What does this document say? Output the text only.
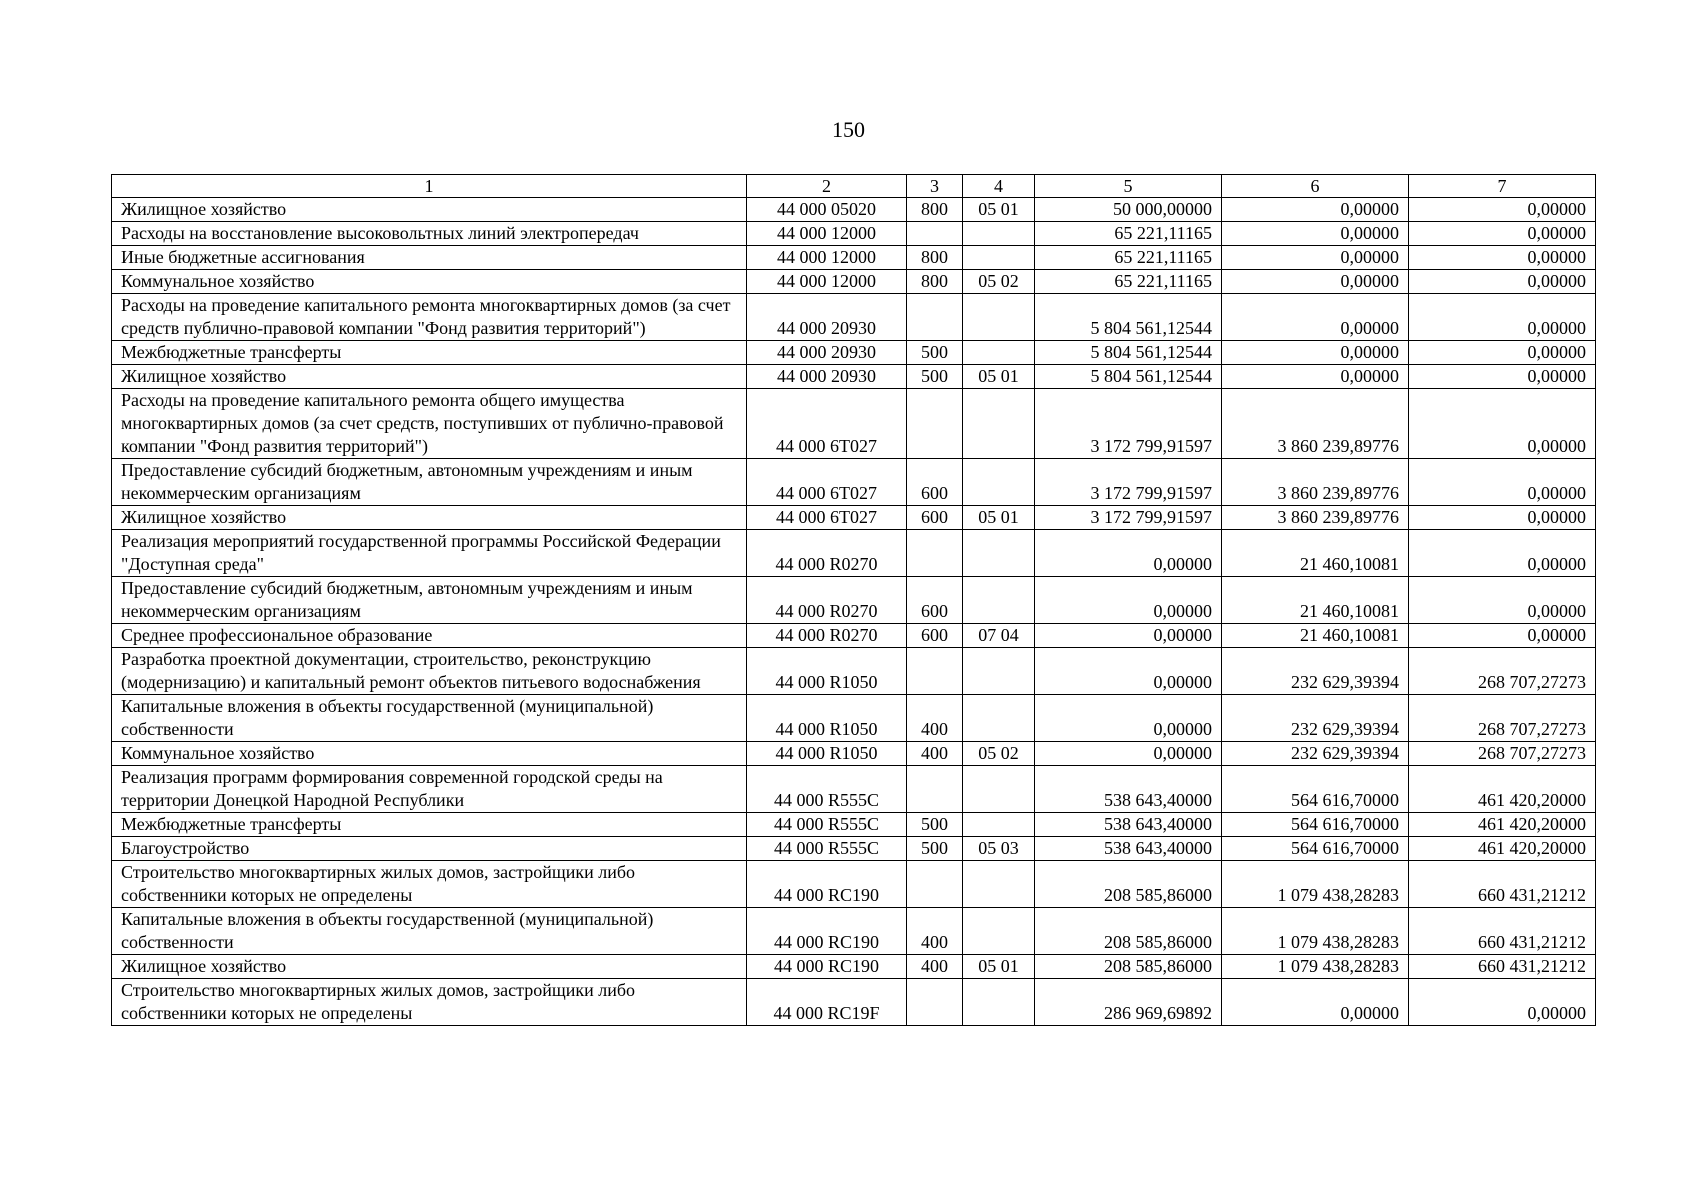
150
1	2	3	4	5	6	7
Жилищное хозяйство	44 000 05020	800	05 01	50 000,00000	0,00000	0,00000
Расходы на восстановление высоковольтных линий электропередач	44 000 12000			65 221,11165	0,00000	0,00000
Иные бюджетные ассигнования	44 000 12000	800		65 221,11165	0,00000	0,00000
Коммунальное хозяйство	44 000 12000	800	05 02	65 221,11165	0,00000	0,00000
Расходы на проведение капитального ремонта многоквартирных домов (за счет средств публично-правовой компании "Фонд развития территорий")	44 000 20930			5 804 561,12544	0,00000	0,00000
Межбюджетные трансферты	44 000 20930	500		5 804 561,12544	0,00000	0,00000
Жилищное хозяйство	44 000 20930	500	05 01	5 804 561,12544	0,00000	0,00000
Расходы на проведение капитального ремонта общего имущества многоквартирных домов (за счет средств, поступивших от публично-правовой компании "Фонд развития территорий")	44 000 6Т027			3 172 799,91597	3 860 239,89776	0,00000
Предоставление субсидий бюджетным, автономным учреждениям и иным некоммерческим организациям	44 000 6Т027	600		3 172 799,91597	3 860 239,89776	0,00000
Жилищное хозяйство	44 000 6Т027	600	05 01	3 172 799,91597	3 860 239,89776	0,00000
Реализация мероприятий государственной программы Российской Федерации "Доступная среда"	44 000 R0270			0,00000	21 460,10081	0,00000
Предоставление субсидий бюджетным, автономным учреждениям и иным некоммерческим организациям	44 000 R0270	600		0,00000	21 460,10081	0,00000
Среднее профессиональное образование	44 000 R0270	600	07 04	0,00000	21 460,10081	0,00000
Разработка проектной документации, строительство, реконструкцию (модернизацию) и капитальный ремонт объектов питьевого водоснабжения	44 000 R1050			0,00000	232 629,39394	268 707,27273
Капитальные вложения в объекты государственной (муниципальной) собственности	44 000 R1050	400		0,00000	232 629,39394	268 707,27273
Коммунальное хозяйство	44 000 R1050	400	05 02	0,00000	232 629,39394	268 707,27273
Реализация программ формирования современной городской среды на территории Донецкой Народной Республики	44 000 R555C			538 643,40000	564 616,70000	461 420,20000
Межбюджетные трансферты	44 000 R555C	500		538 643,40000	564 616,70000	461 420,20000
Благоустройство	44 000 R555C	500	05 03	538 643,40000	564 616,70000	461 420,20000
Строительство многоквартирных жилых домов, застройщики либо собственники которых не определены	44 000 RC190			208 585,86000	1 079 438,28283	660 431,21212
Капитальные вложения в объекты государственной (муниципальной) собственности	44 000 RC190	400		208 585,86000	1 079 438,28283	660 431,21212
Жилищное хозяйство	44 000 RC190	400	05 01	208 585,86000	1 079 438,28283	660 431,21212
Строительство многоквартирных жилых домов, застройщики либо собственники которых не определены	44 000 RC19F			286 969,69892	0,00000	0,00000
